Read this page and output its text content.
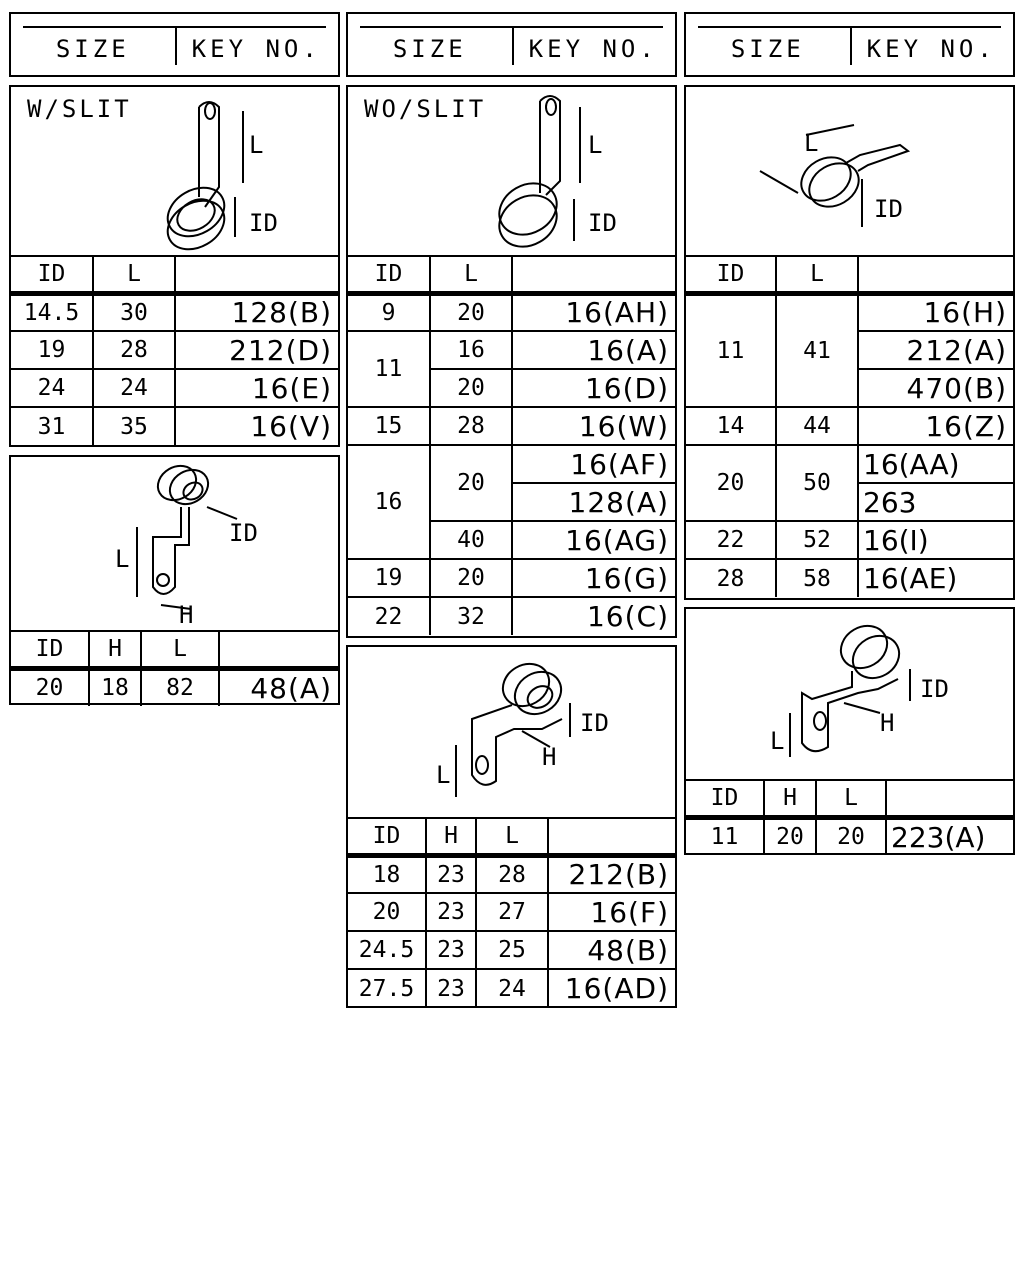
SIZE	KEY NO.	SIZE	KEY NO.	SIZE	KEY NO.
W/SLIT
L
ID
ID	L	
14.5	30	128(B)
19	28	212(D)
24	24	16(E)
31	35	16(V)
L
ID
H
ID	H	L	
20	18	82	48(A)
WO/SLIT
L
ID
ID	L	
9	20	16(AH)
11	16	16(A)
	20	16(D)
15	28	16(W)
16	20	16(AF)
		128(A)
	40	16(AG)
19	20	16(G)
22	32	16(C)
L
ID
H
ID	H	L	
18	23	28	212(B)
20	23	27	16(F)
24.5	23	25	48(B)
27.5	23	24	16(AD)
L
ID
ID	L	
11	41	16(H)
		212(A)
		470(B)
14	44	16(Z)
20	50	16(AA)
		263
22	52	16(I)
28	58	16(AE)
L
ID
H
ID	H	L	
11	20	20	223(A)
